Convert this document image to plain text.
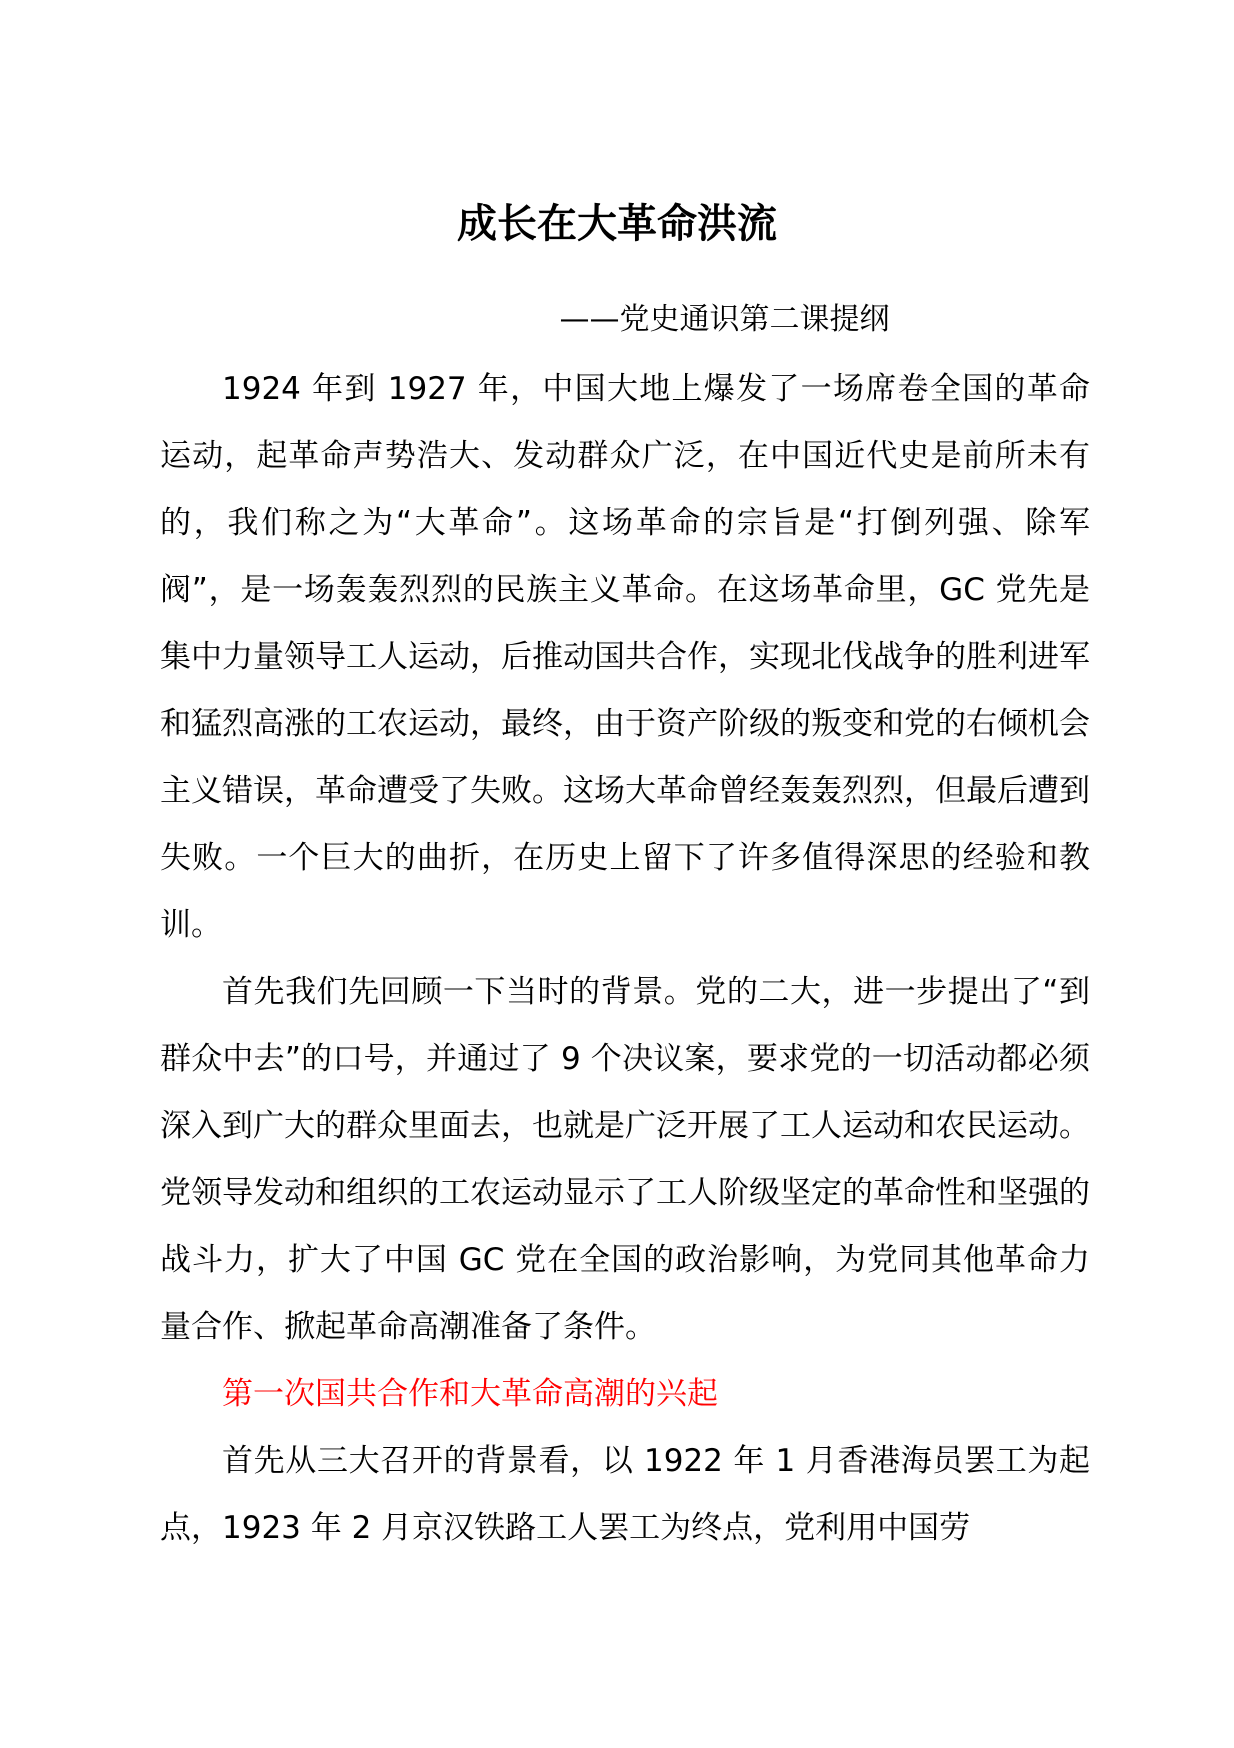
成长在大革命洪流
——党史通识第二课提纲

1924 年到 1927 年，中国大地上爆发了一场席卷全国的革命运动，起革命声势浩大、发动群众广泛，在中国近代史是前所未有的，我们称之为“大革命”。这场革命的宗旨是“打倒列强、除军阀”，是一场轰轰烈烈的民族主义革命。在这场革命里，GC 党先是集中力量领导工人运动，后推动国共合作，实现北伐战争的胜利进军和猛烈高涨的工农运动，最终，由于资产阶级的叛变和党的右倾机会主义错误，革命遭受了失败。这场大革命曾经轰轰烈烈，但最后遭到失败。一个巨大的曲折，在历史上留下了许多值得深思的经验和教训。

首先我们先回顾一下当时的背景。党的二大，进一步提出了“到群众中去”的口号，并通过了 9 个决议案，要求党的一切活动都必须深入到广大的群众里面去，也就是广泛开展了工人运动和农民运动。党领导发动和组织的工农运动显示了工人阶级坚定的革命性和坚强的战斗力，扩大了中国 GC 党在全国的政治影响，为党同其他革命力量合作、掀起革命高潮准备了条件。

第一次国共合作和大革命高潮的兴起

首先从三大召开的背景看，以 1922 年 1 月香港海员罢工为起点，1923 年 2 月京汉铁路工人罢工为终点，党利用中国劳
